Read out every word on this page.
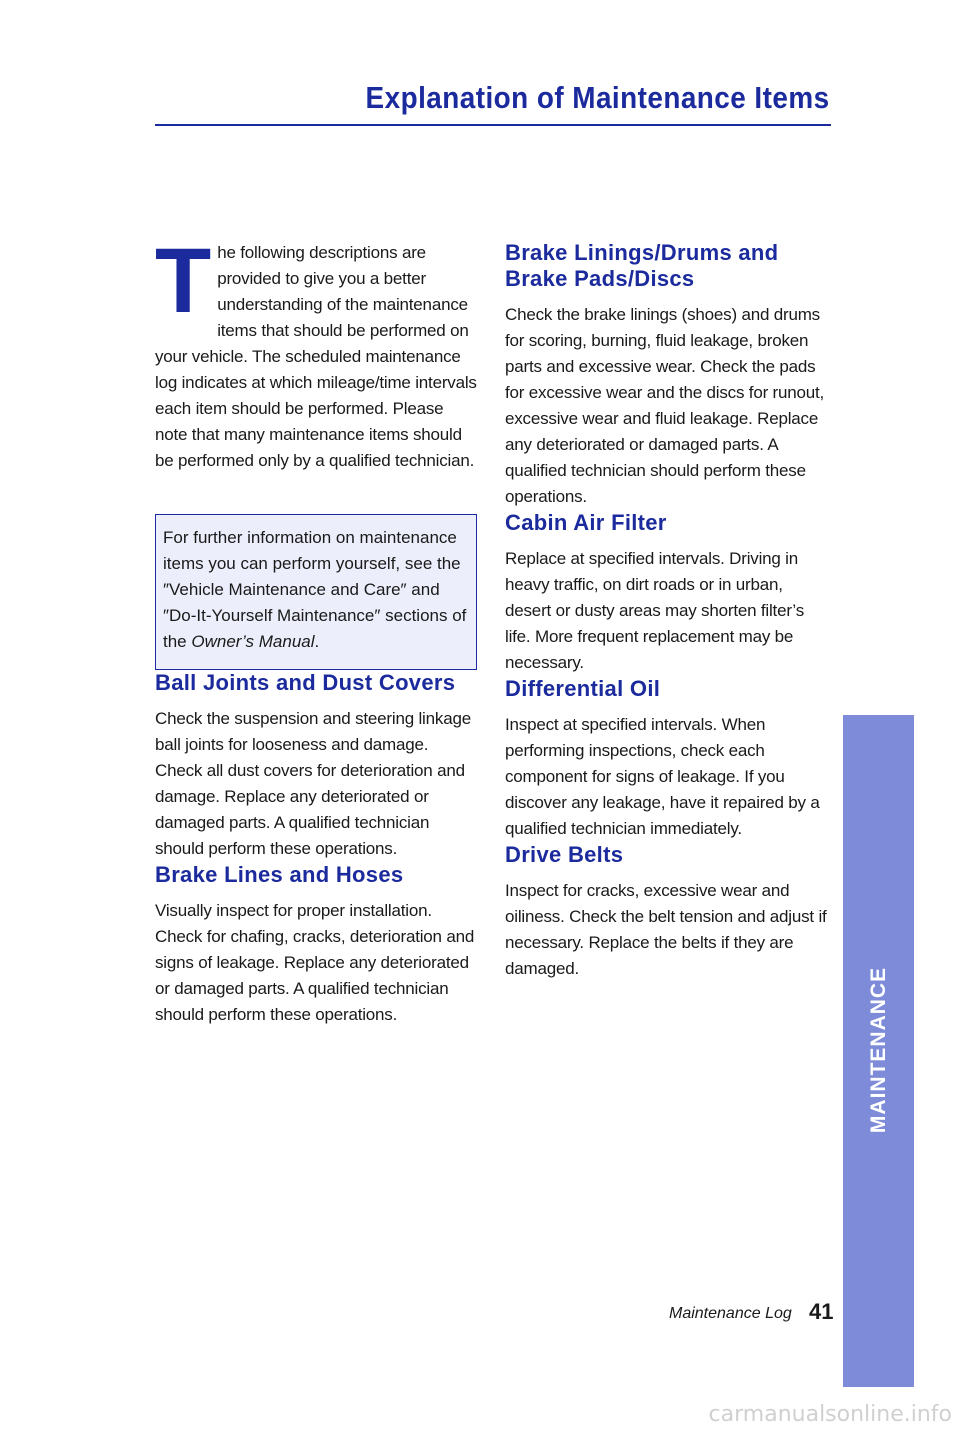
Explanation of Maintenance Items
T he following descriptions are provided to give you a better understanding of the maintenance items that should be performed on your vehicle. The scheduled maintenance log indicates at which mileage/time intervals each item should be performed. Please note that many maintenance items should be performed only by a qualified technician.

For further information on maintenance items you can perform yourself, see the ″Vehicle Maintenance and Care″ and ″Do-It-Yourself Maintenance″ sections of the Owner’s Manual.

Ball Joints and Dust Covers

Check the suspension and steering linkage ball joints for looseness and damage. Check all dust covers for deterioration and damage. Replace any deteriorated or damaged parts. A qualified technician should perform these operations.

Brake Lines and Hoses

Visually inspect for proper installation. Check for chafing, cracks, deterioration and signs of leakage. Replace any deteriorated or damaged parts. A qualified technician should perform these operations.

Brake Linings/Drums and Brake Pads/Discs

Check the brake linings (shoes) and drums for scoring, burning, fluid leakage, broken parts and excessive wear. Check the pads for excessive wear and the discs for runout, excessive wear and fluid leakage. Replace any deteriorated or damaged parts. A qualified technician should perform these operations.

Cabin Air Filter

Replace at specified intervals. Driving in heavy traffic, on dirt roads or in urban, desert or dusty areas may shorten filter’s life. More frequent replacement may be necessary.

Differential Oil

Inspect at specified intervals. When performing inspections, check each component for signs of leakage. If you discover any leakage, have it repaired by a qualified technician immediately.

Drive Belts

Inspect for cracks, excessive wear and oiliness. Check the belt tension and adjust if necessary. Replace the belts if they are damaged.	MAINTENANCE
Maintenance Log 41
carmanualsonline.info
